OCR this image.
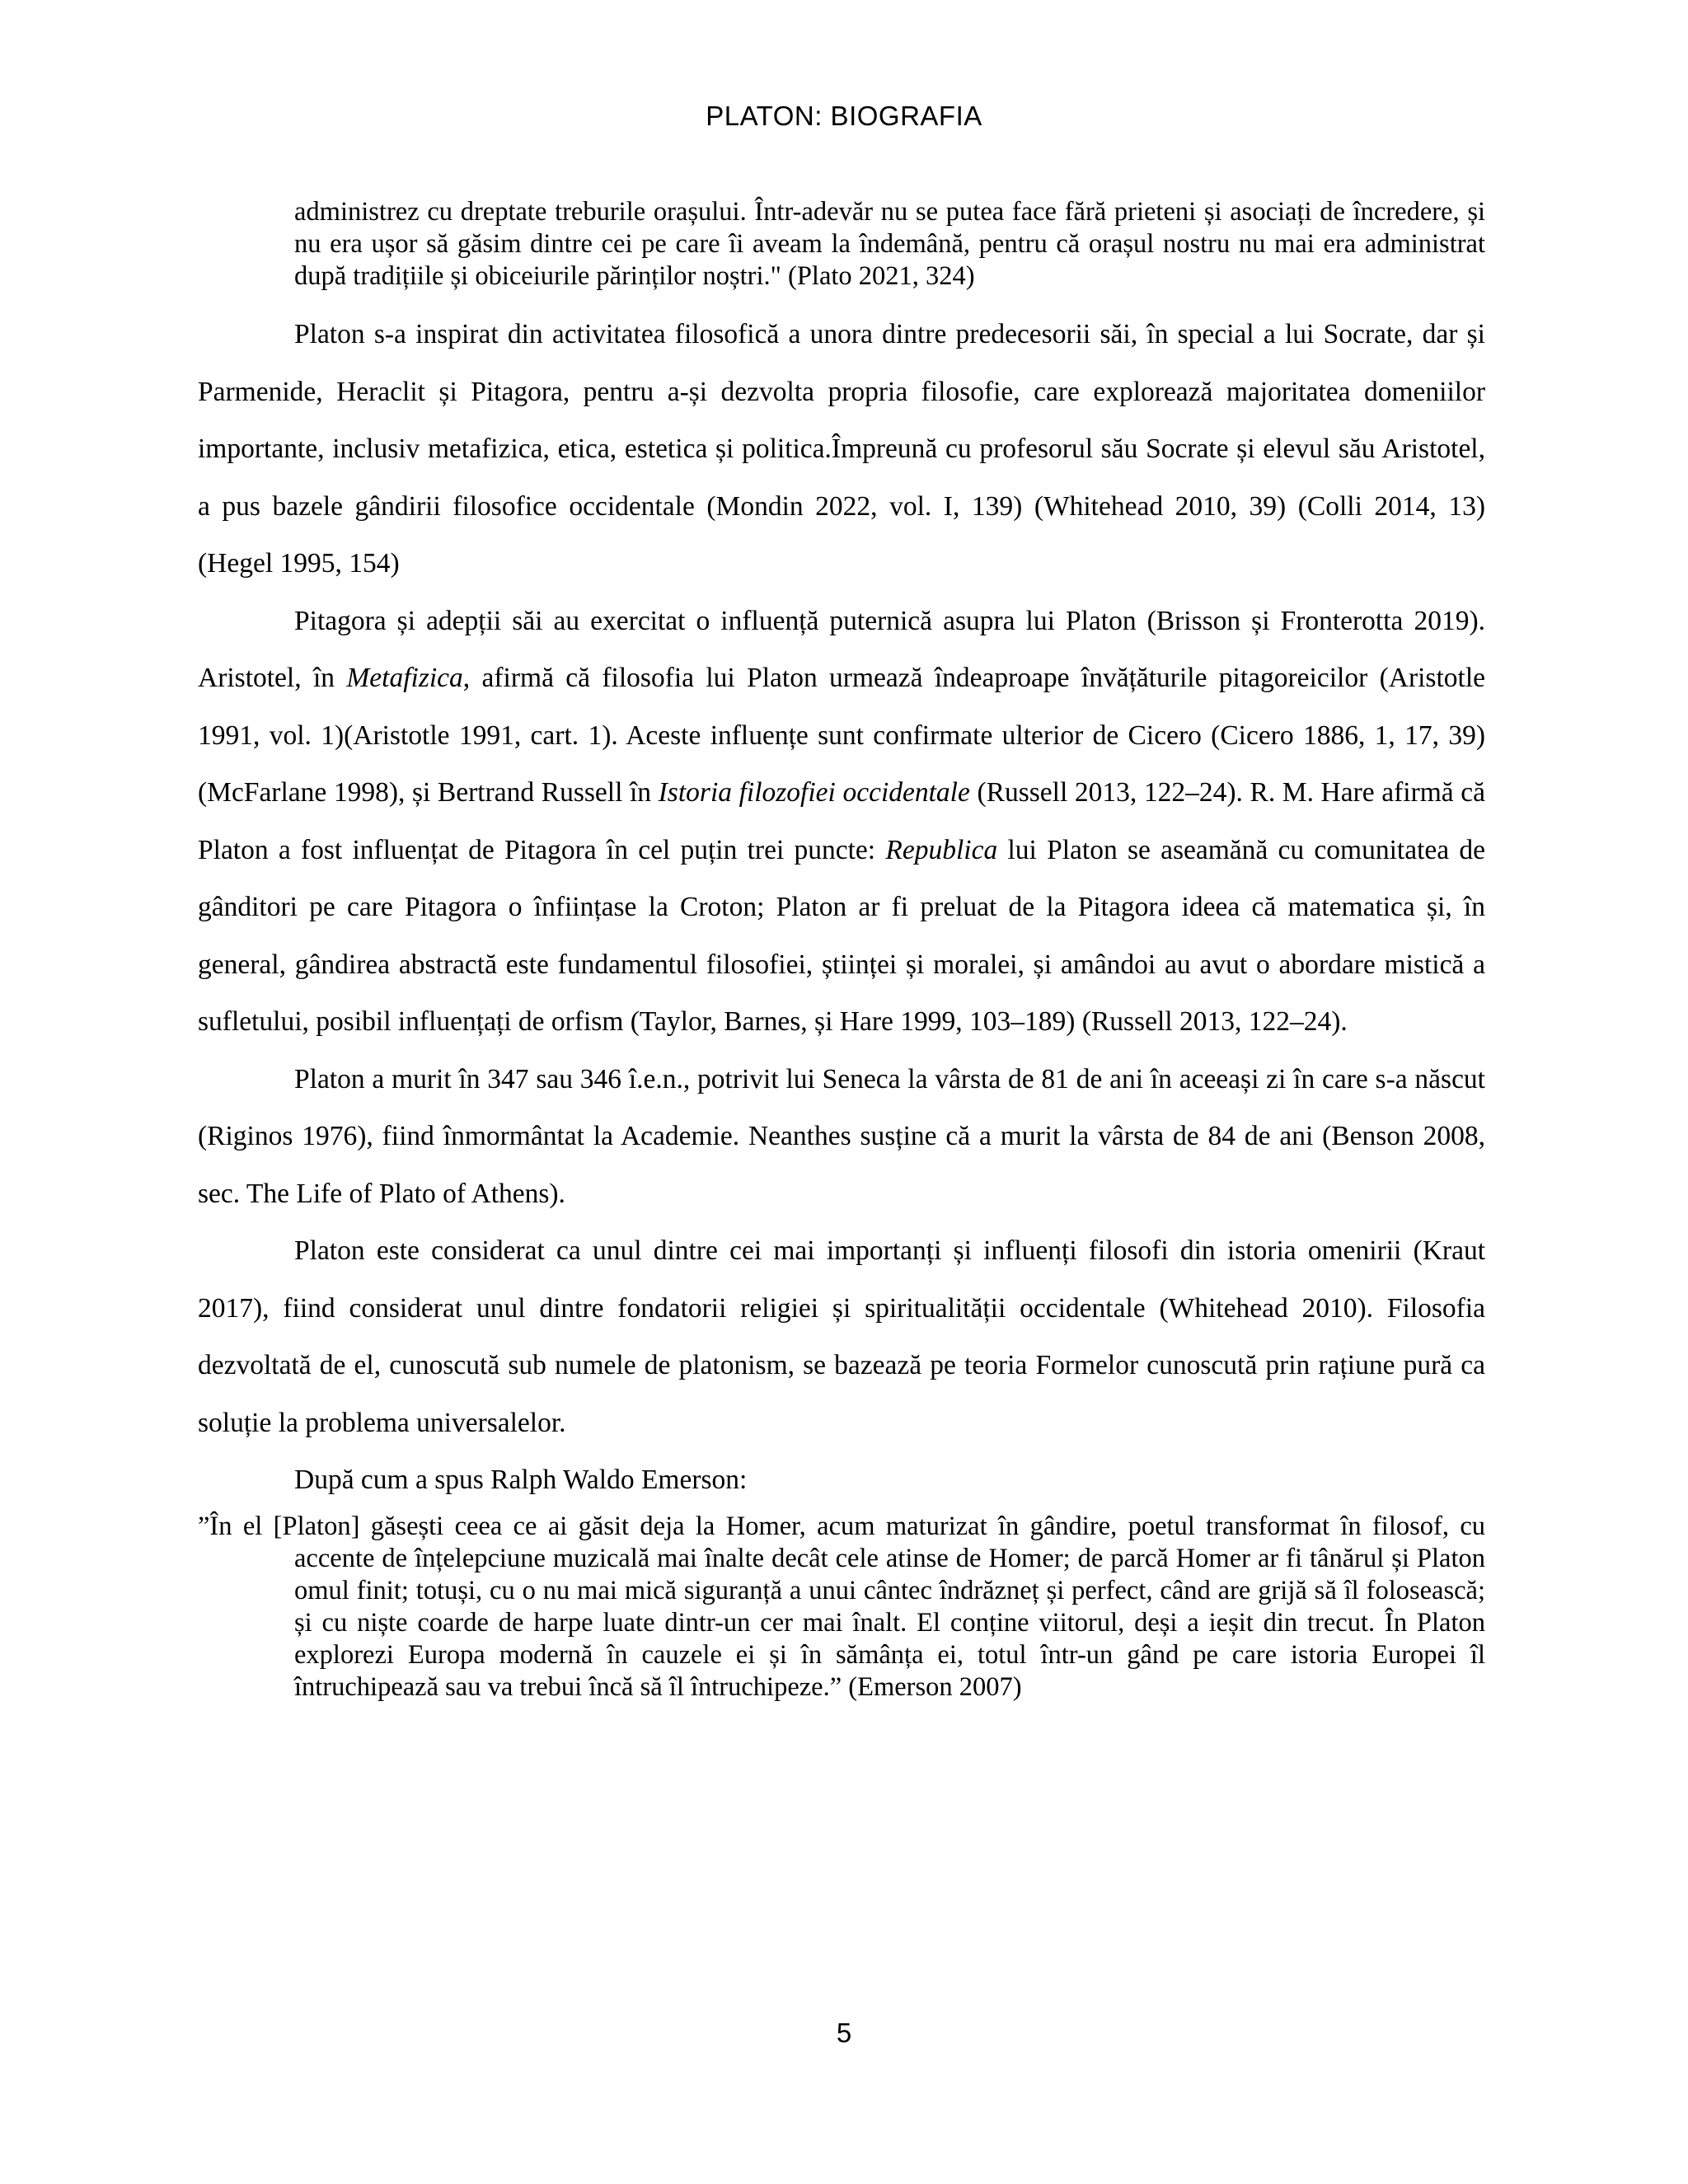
PLATON: BIOGRAFIA
administrez cu dreptate treburile orașului. Într-adevăr nu se putea face fără prieteni și asociați de încredere, și nu era ușor să găsim dintre cei pe care îi aveam la îndemână, pentru că orașul nostru nu mai era administrat după tradițiile și obiceiurile părinților noștri." (Plato 2021, 324)

Platon s-a inspirat din activitatea filosofică a unora dintre predecesorii săi, în special a lui Socrate, dar și Parmenide, Heraclit și Pitagora, pentru a-și dezvolta propria filosofie, care explorează majoritatea domeniilor importante, inclusiv metafizica, etica, estetica și politica.Împreună cu profesorul său Socrate și elevul său Aristotel, a pus bazele gândirii filosofice occidentale (Mondin 2022, vol. I, 139) (Whitehead 2010, 39) (Colli 2014, 13) (Hegel 1995, 154)

Pitagora și adepții săi au exercitat o influență puternică asupra lui Platon (Brisson și Fronterotta 2019). Aristotel, în Metafizica, afirmă că filosofia lui Platon urmează îndeaproape învățăturile pitagoreicilor (Aristotle 1991, vol. 1)(Aristotle 1991, cart. 1). Aceste influențe sunt confirmate ulterior de Cicero (Cicero 1886, 1, 17, 39) (McFarlane 1998), și Bertrand Russell în Istoria filozofiei occidentale (Russell 2013, 122–24). R. M. Hare afirmă că Platon a fost influențat de Pitagora în cel puțin trei puncte: Republica lui Platon se aseamănă cu comunitatea de gânditori pe care Pitagora o înființase la Croton; Platon ar fi preluat de la Pitagora ideea că matematica și, în general, gândirea abstractă este fundamentul filosofiei, științei și moralei, și amândoi au avut o abordare mistică a sufletului, posibil influențați de orfism (Taylor, Barnes, și Hare 1999, 103–189) (Russell 2013, 122–24).

Platon a murit în 347 sau 346 î.e.n., potrivit lui Seneca la vârsta de 81 de ani în aceeași zi în care s-a născut (Riginos 1976), fiind înmormântat la Academie. Neanthes susține că a murit la vârsta de 84 de ani (Benson 2008, sec. The Life of Plato of Athens).

Platon este considerat ca unul dintre cei mai importanți și influenți filosofi din istoria omenirii (Kraut 2017), fiind considerat unul dintre fondatorii religiei și spiritualității occidentale (Whitehead 2010). Filosofia dezvoltată de el, cunoscută sub numele de platonism, se bazează pe teoria Formelor cunoscută prin rațiune pură ca soluție la problema universalelor.

După cum a spus Ralph Waldo Emerson:

”În el [Platon] găsești ceea ce ai găsit deja la Homer, acum maturizat în gândire, poetul transformat în filosof, cu accente de înțelepciune muzicală mai înalte decât cele atinse de Homer; de parcă Homer ar fi tânărul și Platon omul finit; totuși, cu o nu mai mică siguranță a unui cântec îndrăzneț și perfect, când are grijă să îl folosească; și cu niște coarde de harpe luate dintr-un cer mai înalt. El conține viitorul, deși a ieșit din trecut. În Platon explorezi Europa modernă în cauzele ei și în sămânța ei, totul într-un gând pe care istoria Europei îl întruchipează sau va trebui încă să îl întruchipeze.” (Emerson 2007)
5
